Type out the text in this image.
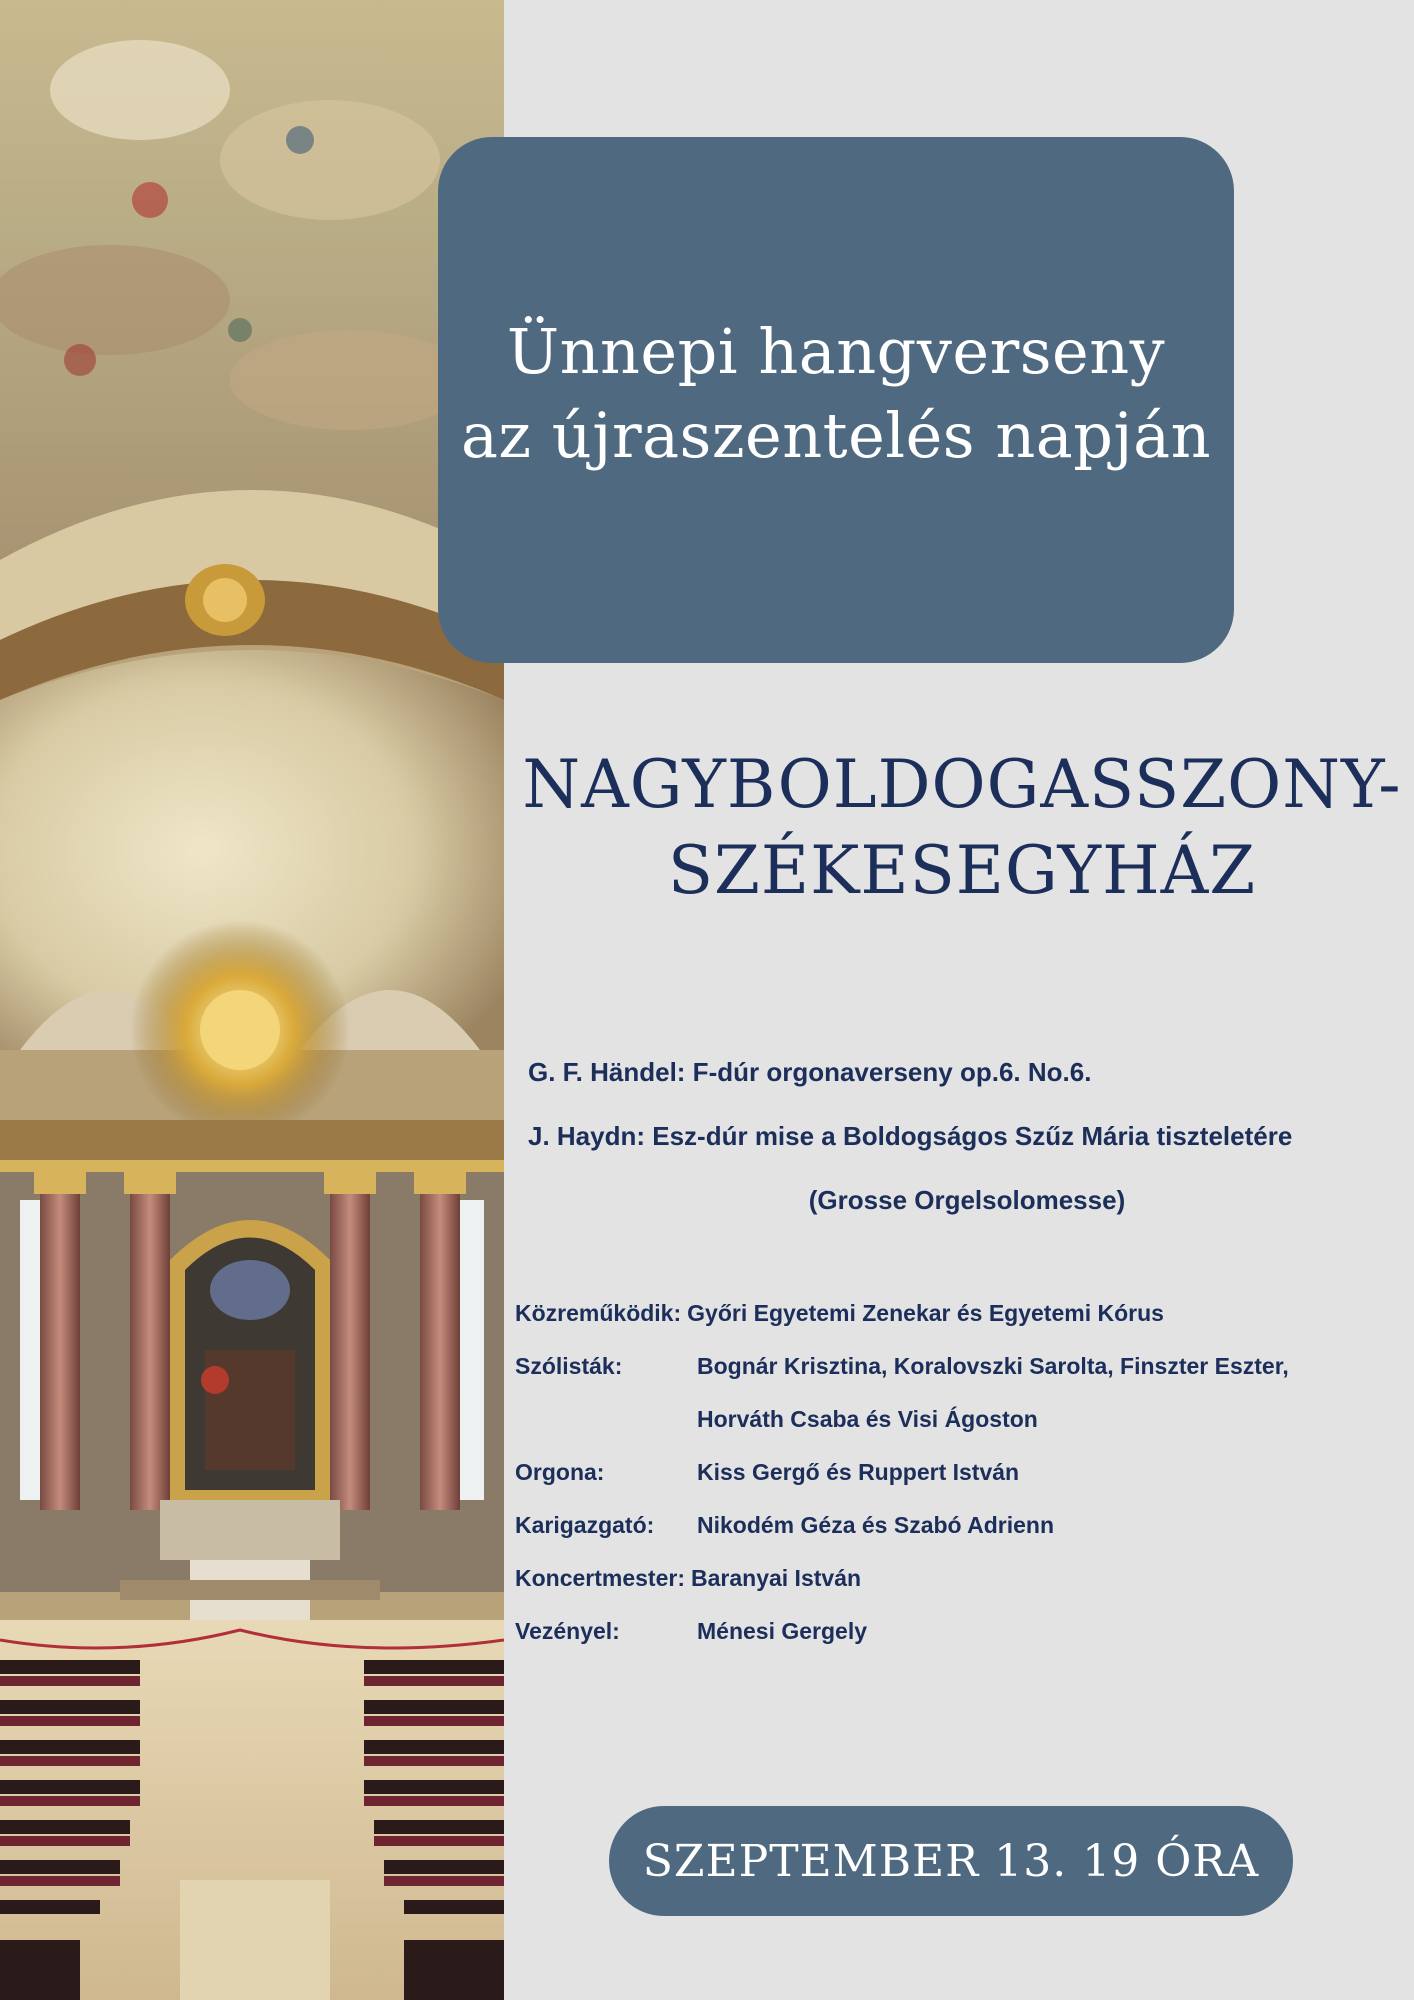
Ünnepi hangverseny
az újraszentelés napján
NAGYBOLDOGASSZONY-
SZÉKESEGYHÁZ
G. F. Händel: F-dúr orgonaverseny op.6. No.6.
J. Haydn: Esz-dúr mise a Boldogságos Szűz Mária tiszteletére
(Grosse Orgelsolomesse)
Közreműködik: Győri Egyetemi Zenekar és Egyetemi Kórus
Szólisták:	Bognár Krisztina, Koralovszki Sarolta, Finszter Eszter,
Horváth Csaba és Visi Ágoston
Orgona:	Kiss Gergő és Ruppert István
Karigazgató:	Nikodém Géza és Szabó Adrienn
Koncertmester: Baranyai István
Vezényel:	Ménesi Gergely
SZEPTEMBER 13. 19 ÓRA
